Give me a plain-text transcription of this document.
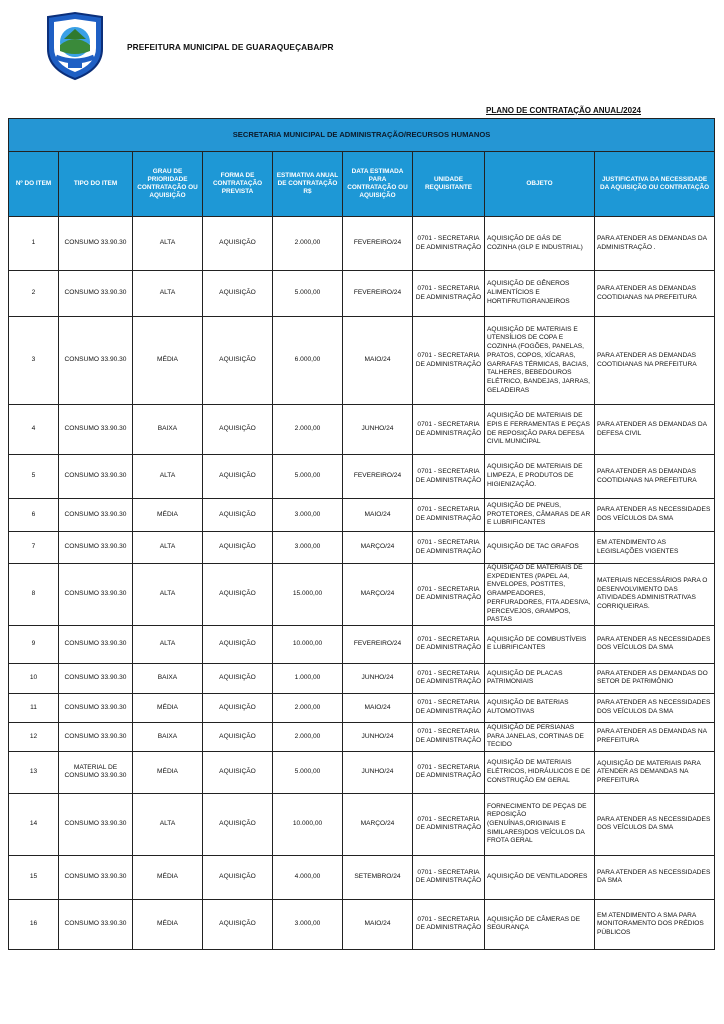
PREFEITURA MUNICIPAL DE GUARAQUEÇABA/PR
PLANO DE CONTRATAÇÃO ANUAL/2024
SECRETARIA MUNICIPAL DE ADMINISTRAÇÃO/RECURSOS HUMANOS								
Nº DO ITEM	TIPO DO ITEM	GRAU DE PRIORIDADE CONTRATAÇÃO OU AQUISIÇÃO	FORMA DE CONTRATAÇÃO PREVISTA	ESTIMATIVA ANUAL DE CONTRATAÇÃO R$	DATA ESTIMADA PARA CONTRATAÇÃO OU AQUISIÇÃO	UNIDADE REQUISITANTE	OBJETO	JUSTIFICATIVA DA NECESSIDADE DA AQUISIÇÃO OU CONTRATAÇÃO
1	CONSUMO 33.90.30	ALTA	AQUISIÇÃO	2.000,00	FEVEREIRO/24	0701 - SECRETARIA DE ADMINISTRAÇÃO	AQUISIÇÃO DE GÁS DE COZINHA (GLP E INDUSTRIAL)	PARA ATENDER AS DEMANDAS DA ADMINISTRAÇÃO .
2	CONSUMO 33.90.30	ALTA	AQUISIÇÃO	5.000,00	FEVEREIRO/24	0701 - SECRETARIA DE ADMINISTRAÇÃO	AQUISIÇÃO DE GÊNEROS ALIMENTÍCIOS E HORTIFRUTIGRANJEIROS	PARA ATENDER AS DEMANDAS COOTIDIANAS NA PREFEITURA
3	CONSUMO 33.90.30	MÉDIA	AQUISIÇÃO	6.000,00	MAIO/24	0701 - SECRETARIA DE ADMINISTRAÇÃO	AQUISIÇÃO DE MATERIAIS E UTENSÍLIOS DE COPA E COZINHA (FOGÕES, PANELAS, PRATOS, COPOS, XÍCARAS, GARRAFAS TÉRMICAS, BACIAS, TALHERES, BEBEDOUROS ELÉTRICO, BANDEJAS, JARRAS, GELADEIRAS	PARA ATENDER AS DEMANDAS COOTIDIANAS NA PREFEITURA
4	CONSUMO 33.90.30	BAIXA	AQUISIÇÃO	2.000,00	JUNHO/24	0701 - SECRETARIA DE ADMINISTRAÇÃO	AQUISIÇÃO DE MATERIAIS DE EPIS E FERRAMENTAS E PEÇAS DE REPOSIÇÃO PARA DEFESA CIVIL MUNICIPAL	PARA ATENDER AS DEMANDAS DA DEFESA CIVIL
5	CONSUMO 33.90.30	ALTA	AQUISIÇÃO	5.000,00	FEVEREIRO/24	0701 - SECRETARIA DE ADMINISTRAÇÃO	AQUISIÇÃO DE MATERIAIS DE LIMPEZA, E PRODUTOS DE HIGIENIZAÇÃO.	PARA ATENDER AS DEMANDAS COOTIDIANAS NA PREFEITURA
6	CONSUMO 33.90.30	MÉDIA	AQUISIÇÃO	3.000,00	MAIO/24	0701 - SECRETARIA DE ADMINISTRAÇÃO	AQUISIÇÃO DE PNEUS, PROTETORES, CÂMARAS DE AR E LUBRIFICANTES	PARA ATENDER AS NECESSIDADES DOS VEÍCULOS DA SMA
7	CONSUMO 33.90.30	ALTA	AQUISIÇÃO	3.000,00	MARÇO/24	0701 - SECRETARIA DE ADMINISTRAÇÃO	AQUISIÇÃO DE TAC GRAFOS	EM ATENDIMENTO AS LEGISLAÇÕES VIGENTES
8	CONSUMO 33.90.30	ALTA	AQUISIÇÃO	15.000,00	MARÇO/24	0701 - SECRETARIA DE ADMINISTRAÇÃO	AQUISIÇÃO DE MATERIAIS DE EXPEDIENTES (PAPEL A4, ENVELOPES, POSTITES, GRAMPEADORES, PERFURADORES, FITA ADESIVA, PERCEVEJOS, GRAMPOS, PASTAS	MATERIAIS NECESSÁRIOS PARA O DESENVOLVIMENTO DAS ATIVIDADES ADMINISTRATIVAS CORRIQUEIRAS.
9	CONSUMO 33.90.30	ALTA	AQUISIÇÃO	10.000,00	FEVEREIRO/24	0701 - SECRETARIA DE ADMINISTRAÇÃO	AQUISIÇÃO DE COMBUSTÍVEIS E LUBRIFICANTES	PARA ATENDER AS NECESSIDADES DOS VEÍCULOS DA SMA
10	CONSUMO 33.90.30	BAIXA	AQUISIÇÃO	1.000,00	JUNHO/24	0701 - SECRETARIA DE ADMINISTRAÇÃO	AQUISIÇÃO DE PLACAS PATRIMONIAIS	PARA ATENDER AS DEMANDAS DO SETOR DE PATRIMÔNIO
11	CONSUMO 33.90.30	MÉDIA	AQUISIÇÃO	2.000,00	MAIO/24	0701 - SECRETARIA DE ADMINISTRAÇÃO	AQUISIÇÃO DE BATERIAS AUTOMOTIVAS	PARA ATENDER AS NECESSIDADES DOS VEÍCULOS DA SMA
12	CONSUMO 33.90.30	BAIXA	AQUISIÇÃO	2.000,00	JUNHO/24	0701 - SECRETARIA DE ADMINISTRAÇÃO	AQUISIÇÃO DE PERSIANAS PARA JANELAS, CORTINAS DE TECIDO	PARA ATENDER AS DEMANDAS NA PREFEITURA
13	MATERIAL DE CONSUMO 33.90.30	MÉDIA	AQUISIÇÃO	5.000,00	JUNHO/24	0701 - SECRETARIA DE ADMINISTRAÇÃO	AQUISIÇÃO DE MATERIAIS ELÉTRICOS, HIDRÁULICOS E DE CONSTRUÇÃO EM GERAL	AQUISIÇÃO DE MATERIAIS PARA ATENDER AS DEMANDAS NA PREFEITURA
14	CONSUMO 33.90.30	ALTA	AQUISIÇÃO	10.000,00	MARÇO/24	0701 - SECRETARIA DE ADMINISTRAÇÃO	FORNECIMENTO DE PEÇAS DE REPOSIÇÃO (GENUÍNAS,ORIGINAIS E SIMILARES)DOS VEÍCULOS DA FROTA GERAL	PARA ATENDER AS NECESSIDADES DOS VEÍCULOS DA SMA
15	CONSUMO 33.90.30	MÉDIA	AQUISIÇÃO	4.000,00	SETEMBRO/24	0701 - SECRETARIA DE ADMINISTRAÇÃO	AQUISIÇÃO DE VENTILADORES	PARA ATENDER AS NECESSIDADES DA SMA
16	CONSUMO 33.90.30	MÉDIA	AQUISIÇÃO	3.000,00	MAIO/24	0701 - SECRETARIA DE ADMINISTRAÇÃO	AQUISIÇÃO DE CÂMERAS DE SEGURANÇA	EM ATENDIMENTO A SMA PARA MONITORAMENTO DOS PRÉDIOS PÚBLICOS
